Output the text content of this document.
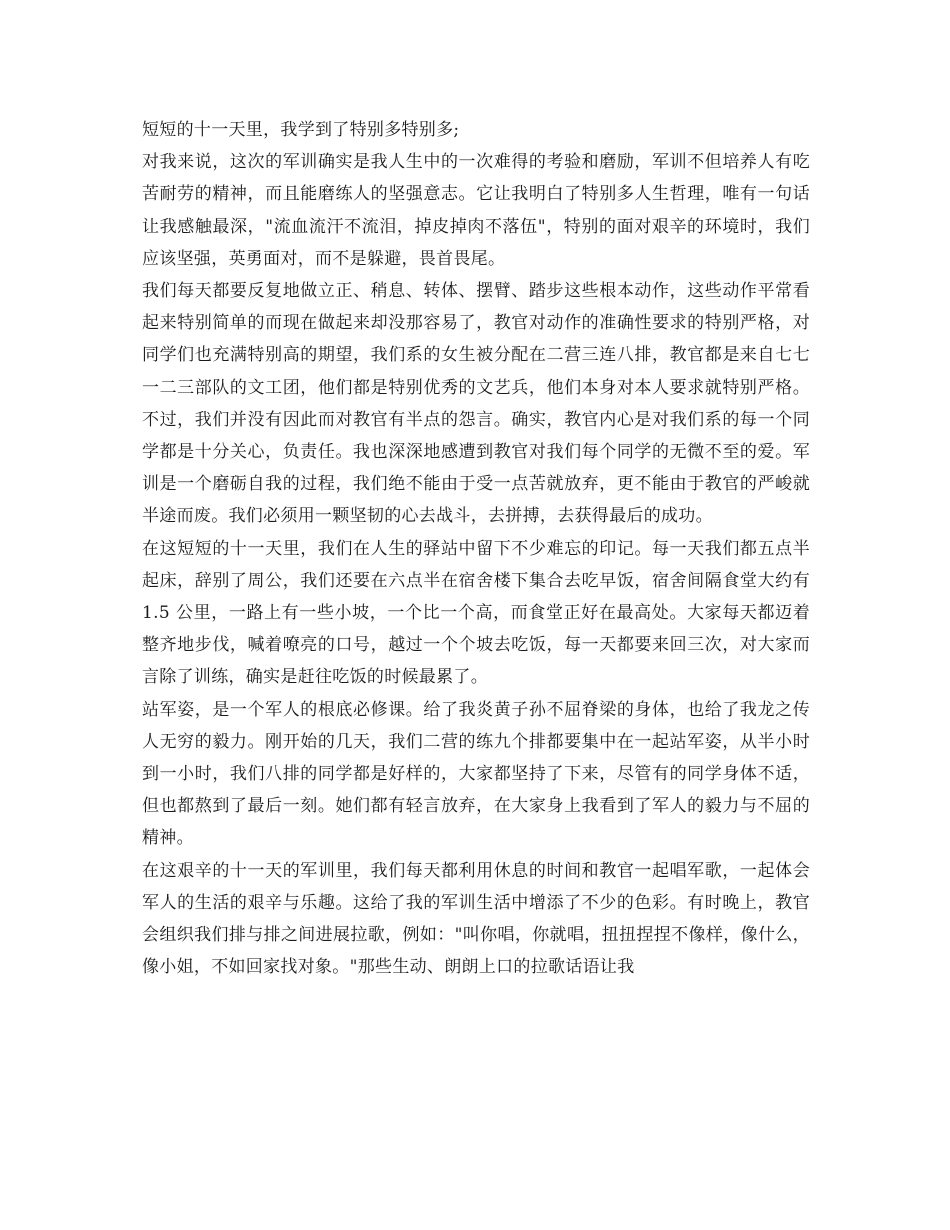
短短的十一天里，我学到了特别多特别多;

对我来说，这次的军训确实是我人生中的一次难得的考验和磨励，军训不但培养人有吃苦耐劳的精神，而且能磨练人的坚强意志。它让我明白了特别多人生哲理，唯有一句话让我感触最深，"流血流汗不流泪，掉皮掉肉不落伍"，特别的面对艰辛的环境时，我们应该坚强，英勇面对，而不是躲避，畏首畏尾。

我们每天都要反复地做立正、稍息、转体、摆臂、踏步这些根本动作，这些动作平常看起来特别简单的而现在做起来却没那容易了，教官对动作的准确性要求的特别严格，对同学们也充满特别高的期望，我们系的女生被分配在二营三连八排，教官都是来自七七一二三部队的文工团，他们都是特别优秀的文艺兵，他们本身对本人要求就特别严格。不过，我们并没有因此而对教官有半点的怨言。确实，教官内心是对我们系的每一个同学都是十分关心，负责任。我也深深地感遭到教官对我们每个同学的无微不至的爱。军训是一个磨砺自我的过程，我们绝不能由于受一点苦就放弃，更不能由于教官的严峻就半途而废。我们必须用一颗坚韧的心去战斗，去拼搏，去获得最后的成功。

在这短短的十一天里，我们在人生的驿站中留下不少难忘的印记。每一天我们都五点半起床，辞别了周公，我们还要在六点半在宿舍楼下集合去吃早饭，宿舍间隔食堂大约有 1.5 公里，一路上有一些小坡，一个比一个高，而食堂正好在最高处。大家每天都迈着整齐地步伐，喊着嘹亮的口号，越过一个个坡去吃饭，每一天都要来回三次，对大家而言除了训练，确实是赶往吃饭的时候最累了。

站军姿，是一个军人的根底必修课。给了我炎黄子孙不屈脊梁的身体，也给了我龙之传人无穷的毅力。刚开始的几天，我们二营的练九个排都要集中在一起站军姿，从半小时到一小时，我们八排的同学都是好样的，大家都坚持了下来，尽管有的同学身体不适，但也都熬到了最后一刻。她们都有轻言放弃，在大家身上我看到了军人的毅力与不屈的精神。

在这艰辛的十一天的军训里，我们每天都利用休息的时间和教官一起唱军歌，一起体会军人的生活的艰辛与乐趣。这给了我的军训生活中增添了不少的色彩。有时晚上，教官会组织我们排与排之间进展拉歌，例如："叫你唱，你就唱，扭扭捏捏不像样，像什么，像小姐，不如回家找对象。"那些生动、朗朗上口的拉歌话语让我
